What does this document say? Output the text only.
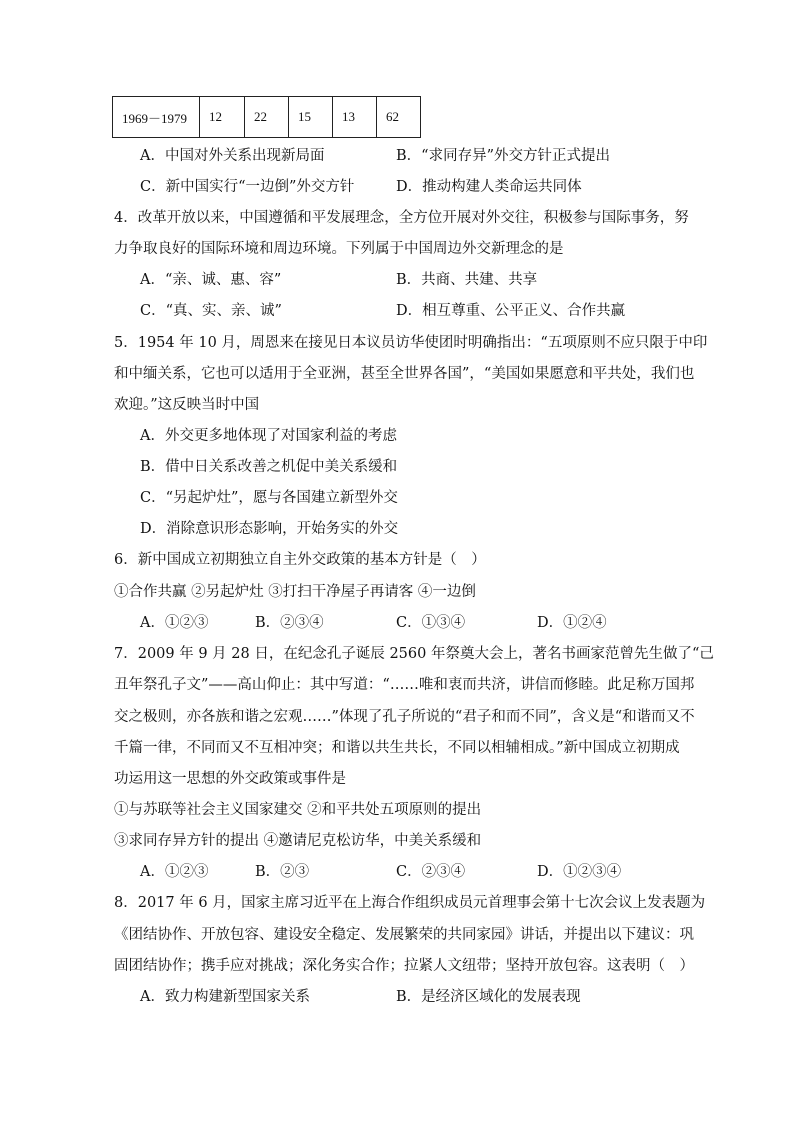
1969－1979	12	22	15	13	62
A．中国对外关系出现新局面	B．“求同存异”外交方针正式提出
C．新中国实行“一边倒”外交方针	D．推动构建人类命运共同体
4．改革开放以来，中国遵循和平发展理念，全方位开展对外交往，积极参与国际事务，努
力争取良好的国际环境和周边环境。下列属于中国周边外交新理念的是
A．“亲、诚、惠、容”	B．共商、共建、共享
C．“真、实、亲、诚”	D．相互尊重、公平正义、合作共赢
5．1954 年 10 月，周恩来在接见日本议员访华使团时明确指出：“五项原则不应只限于中印
和中缅关系，它也可以适用于全亚洲，甚至全世界各国”，“美国如果愿意和平共处，我们也
欢迎。”这反映当时中国
A．外交更多地体现了对国家利益的考虑
B．借中日关系改善之机促中美关系缓和
C．“另起炉灶”，愿与各国建立新型外交
D．消除意识形态影响，开始务实的外交
6．新中国成立初期独立自主外交政策的基本方针是（　）
①合作共赢 ②另起炉灶 ③打扫干净屋子再请客 ④一边倒
A．①②③	B．②③④	C．①③④	D．①②④
7．2009 年 9 月 28 日，在纪念孔子诞辰 2560 年祭奠大会上，著名书画家范曾先生做了“己
丑年祭孔子文”——高山仰止：其中写道：“……唯和衷而共济，讲信而修睦。此足称万国邦
交之极则，亦各族和谐之宏观……”体现了孔子所说的“君子和而不同”，含义是“和谐而又不
千篇一律，不同而又不互相冲突；和谐以共生共长，不同以相辅相成。”新中国成立初期成
功运用这一思想的外交政策或事件是
①与苏联等社会主义国家建交 ②和平共处五项原则的提出
③求同存异方针的提出 ④邀请尼克松访华，中美关系缓和
A．①②③	B．②③	C．②③④	D．①②③④
8．2017 年 6 月，国家主席习近平在上海合作组织成员元首理事会第十七次会议上发表题为
《团结协作、开放包容、建设安全稳定、发展繁荣的共同家园》讲话，并提出以下建议：巩
固团结协作；携手应对挑战；深化务实合作；拉紧人文纽带；坚持开放包容。这表明（　）
A．致力构建新型国家关系	B．是经济区域化的发展表现
